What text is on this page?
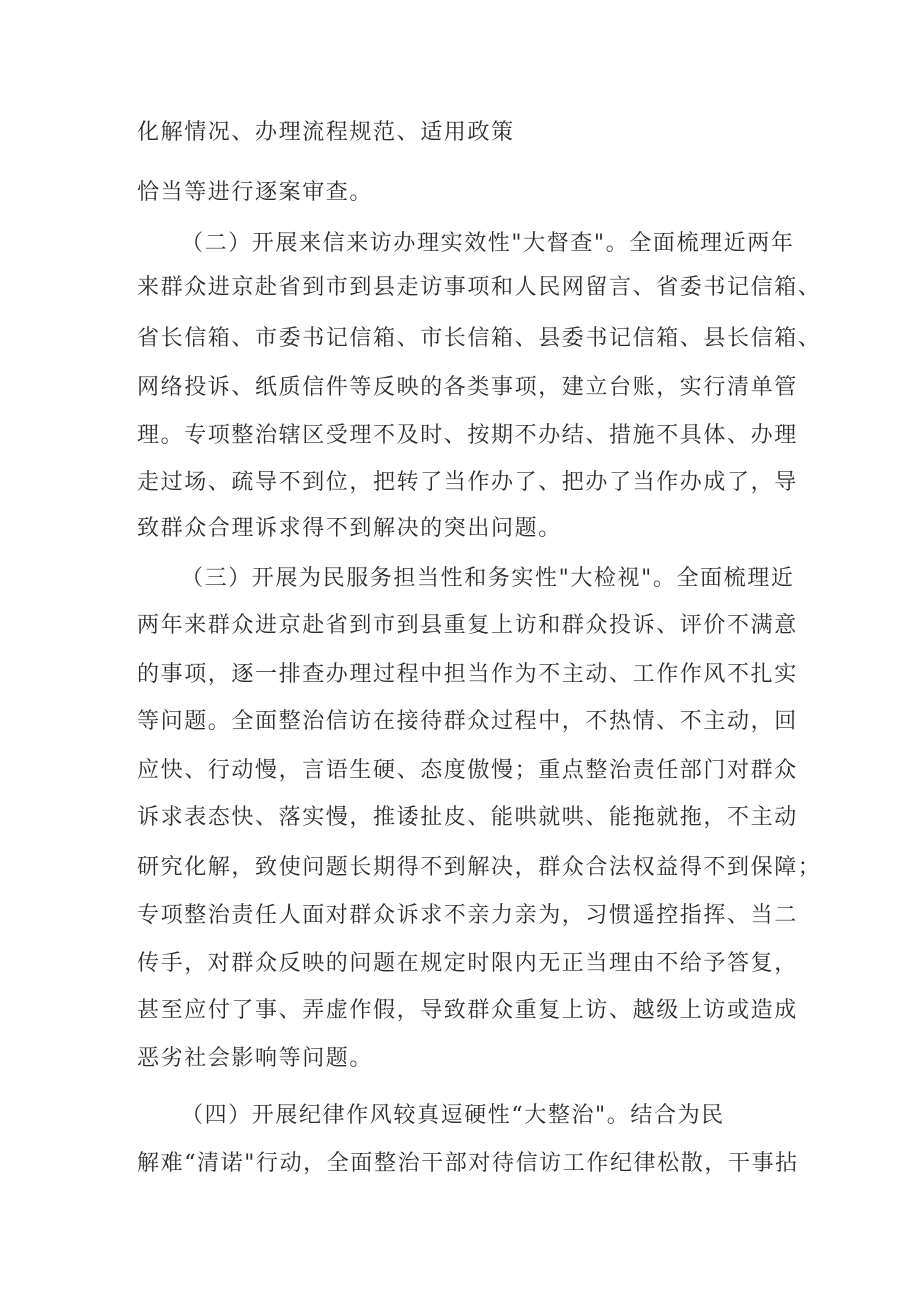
化解情况、办理流程规范、适用政策
恰当等进行逐案审查。
（二）开展来信来访办理实效性"大督查"。全面梳理近两年
来群众进京赴省到市到县走访事项和人民网留言、省委书记信箱、
省长信箱、市委书记信箱、市长信箱、县委书记信箱、县长信箱、
网络投诉、纸质信件等反映的各类事项，建立台账，实行清单管
理。专项整治辖区受理不及时、按期不办结、措施不具体、办理
走过场、疏导不到位，把转了当作办了、把办了当作办成了，导
致群众合理诉求得不到解决的突出问题。
（三）开展为民服务担当性和务实性"大检视"。全面梳理近
两年来群众进京赴省到市到县重复上访和群众投诉、评价不满意
的事项，逐一排查办理过程中担当作为不主动、工作作风不扎实
等问题。全面整治信访在接待群众过程中，不热情、不主动，回
应快、行动慢，言语生硬、态度傲慢；重点整治责任部门对群众
诉求表态快、落实慢，推诿扯皮、能哄就哄、能拖就拖，不主动
研究化解，致使问题长期得不到解决，群众合法权益得不到保障；
专项整治责任人面对群众诉求不亲力亲为，习惯遥控指挥、当二
传手，对群众反映的问题在规定时限内无正当理由不给予答复，
甚至应付了事、弄虚作假，导致群众重复上访、越级上访或造成
恶劣社会影响等问题。
（四）开展纪律作风较真逗硬性“大整治"。结合为民
解难“清诺"行动，全面整治干部对待信访工作纪律松散，干事拈
